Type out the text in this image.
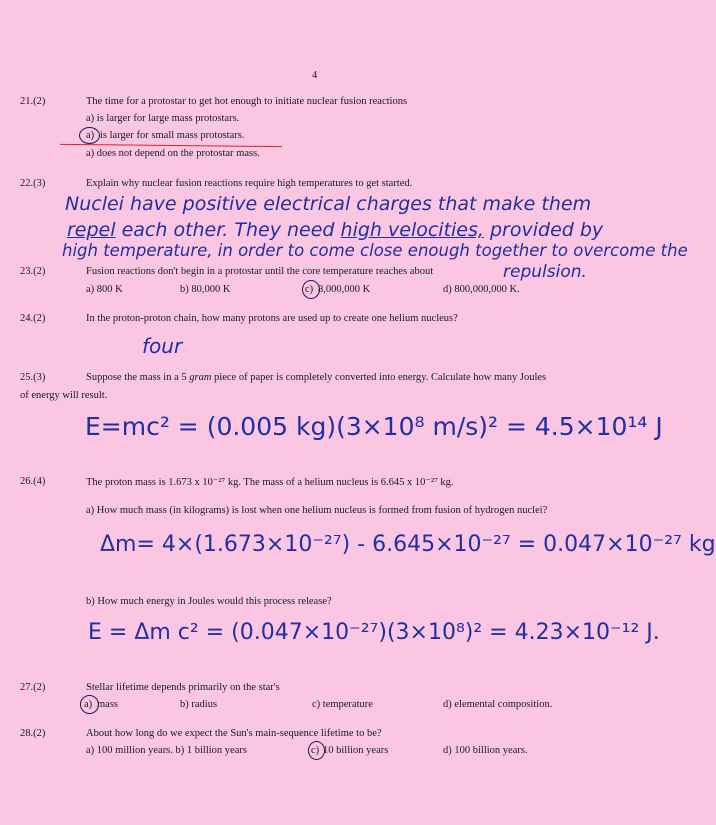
4
21.(2)	The time for a protostar to get hot enough to initiate nuclear fusion reactions
a) is larger for large mass protostars.
a) is larger for small mass protostars.
a) does not depend on the protostar mass.
22.(3)	Explain why nuclear fusion reactions require high temperatures to get started.
Nuclei have positive electrical charges that make them
repel each other. They need high velocities, provided by
high temperature, in order to come close enough together to overcome the
repulsion.
23.(2)	Fusion reactions don't begin in a protostar until the core temperature reaches about
a) 800 K	b) 80,000 K	c) 8,000,000 K	d) 800,000,000 K.
24.(2)	In the proton-proton chain, how many protons are used up to create one helium nucleus?
four
25.(3)	Suppose the mass in a 5 gram piece of paper is completely converted into energy. Calculate how many Joules
of energy will result.
E=mc² = (0.005 kg)(3×10⁸ m/s)² = 4.5×10¹⁴ J
26.(4)	The proton mass is 1.673 x 10⁻²⁷ kg. The mass of a helium nucleus is 6.645 x 10⁻²⁷ kg.
a) How much mass (in kilograms) is lost when one helium nucleus is formed from fusion of hydrogen nuclei?
Δm= 4×(1.673×10⁻²⁷) - 6.645×10⁻²⁷ = 0.047×10⁻²⁷ kg
b) How much energy in Joules would this process release?
E = Δm c² = (0.047×10⁻²⁷)(3×10⁸)² = 4.23×10⁻¹² J.
27.(2)	Stellar lifetime depends primarily on the star's
a) mass	b) radius	c) temperature	d) elemental composition.
28.(2)	About how long do we expect the Sun's main-sequence lifetime to be?
a) 100 million years. b) 1 billion years	c) 10 billion years	d) 100 billion years.
